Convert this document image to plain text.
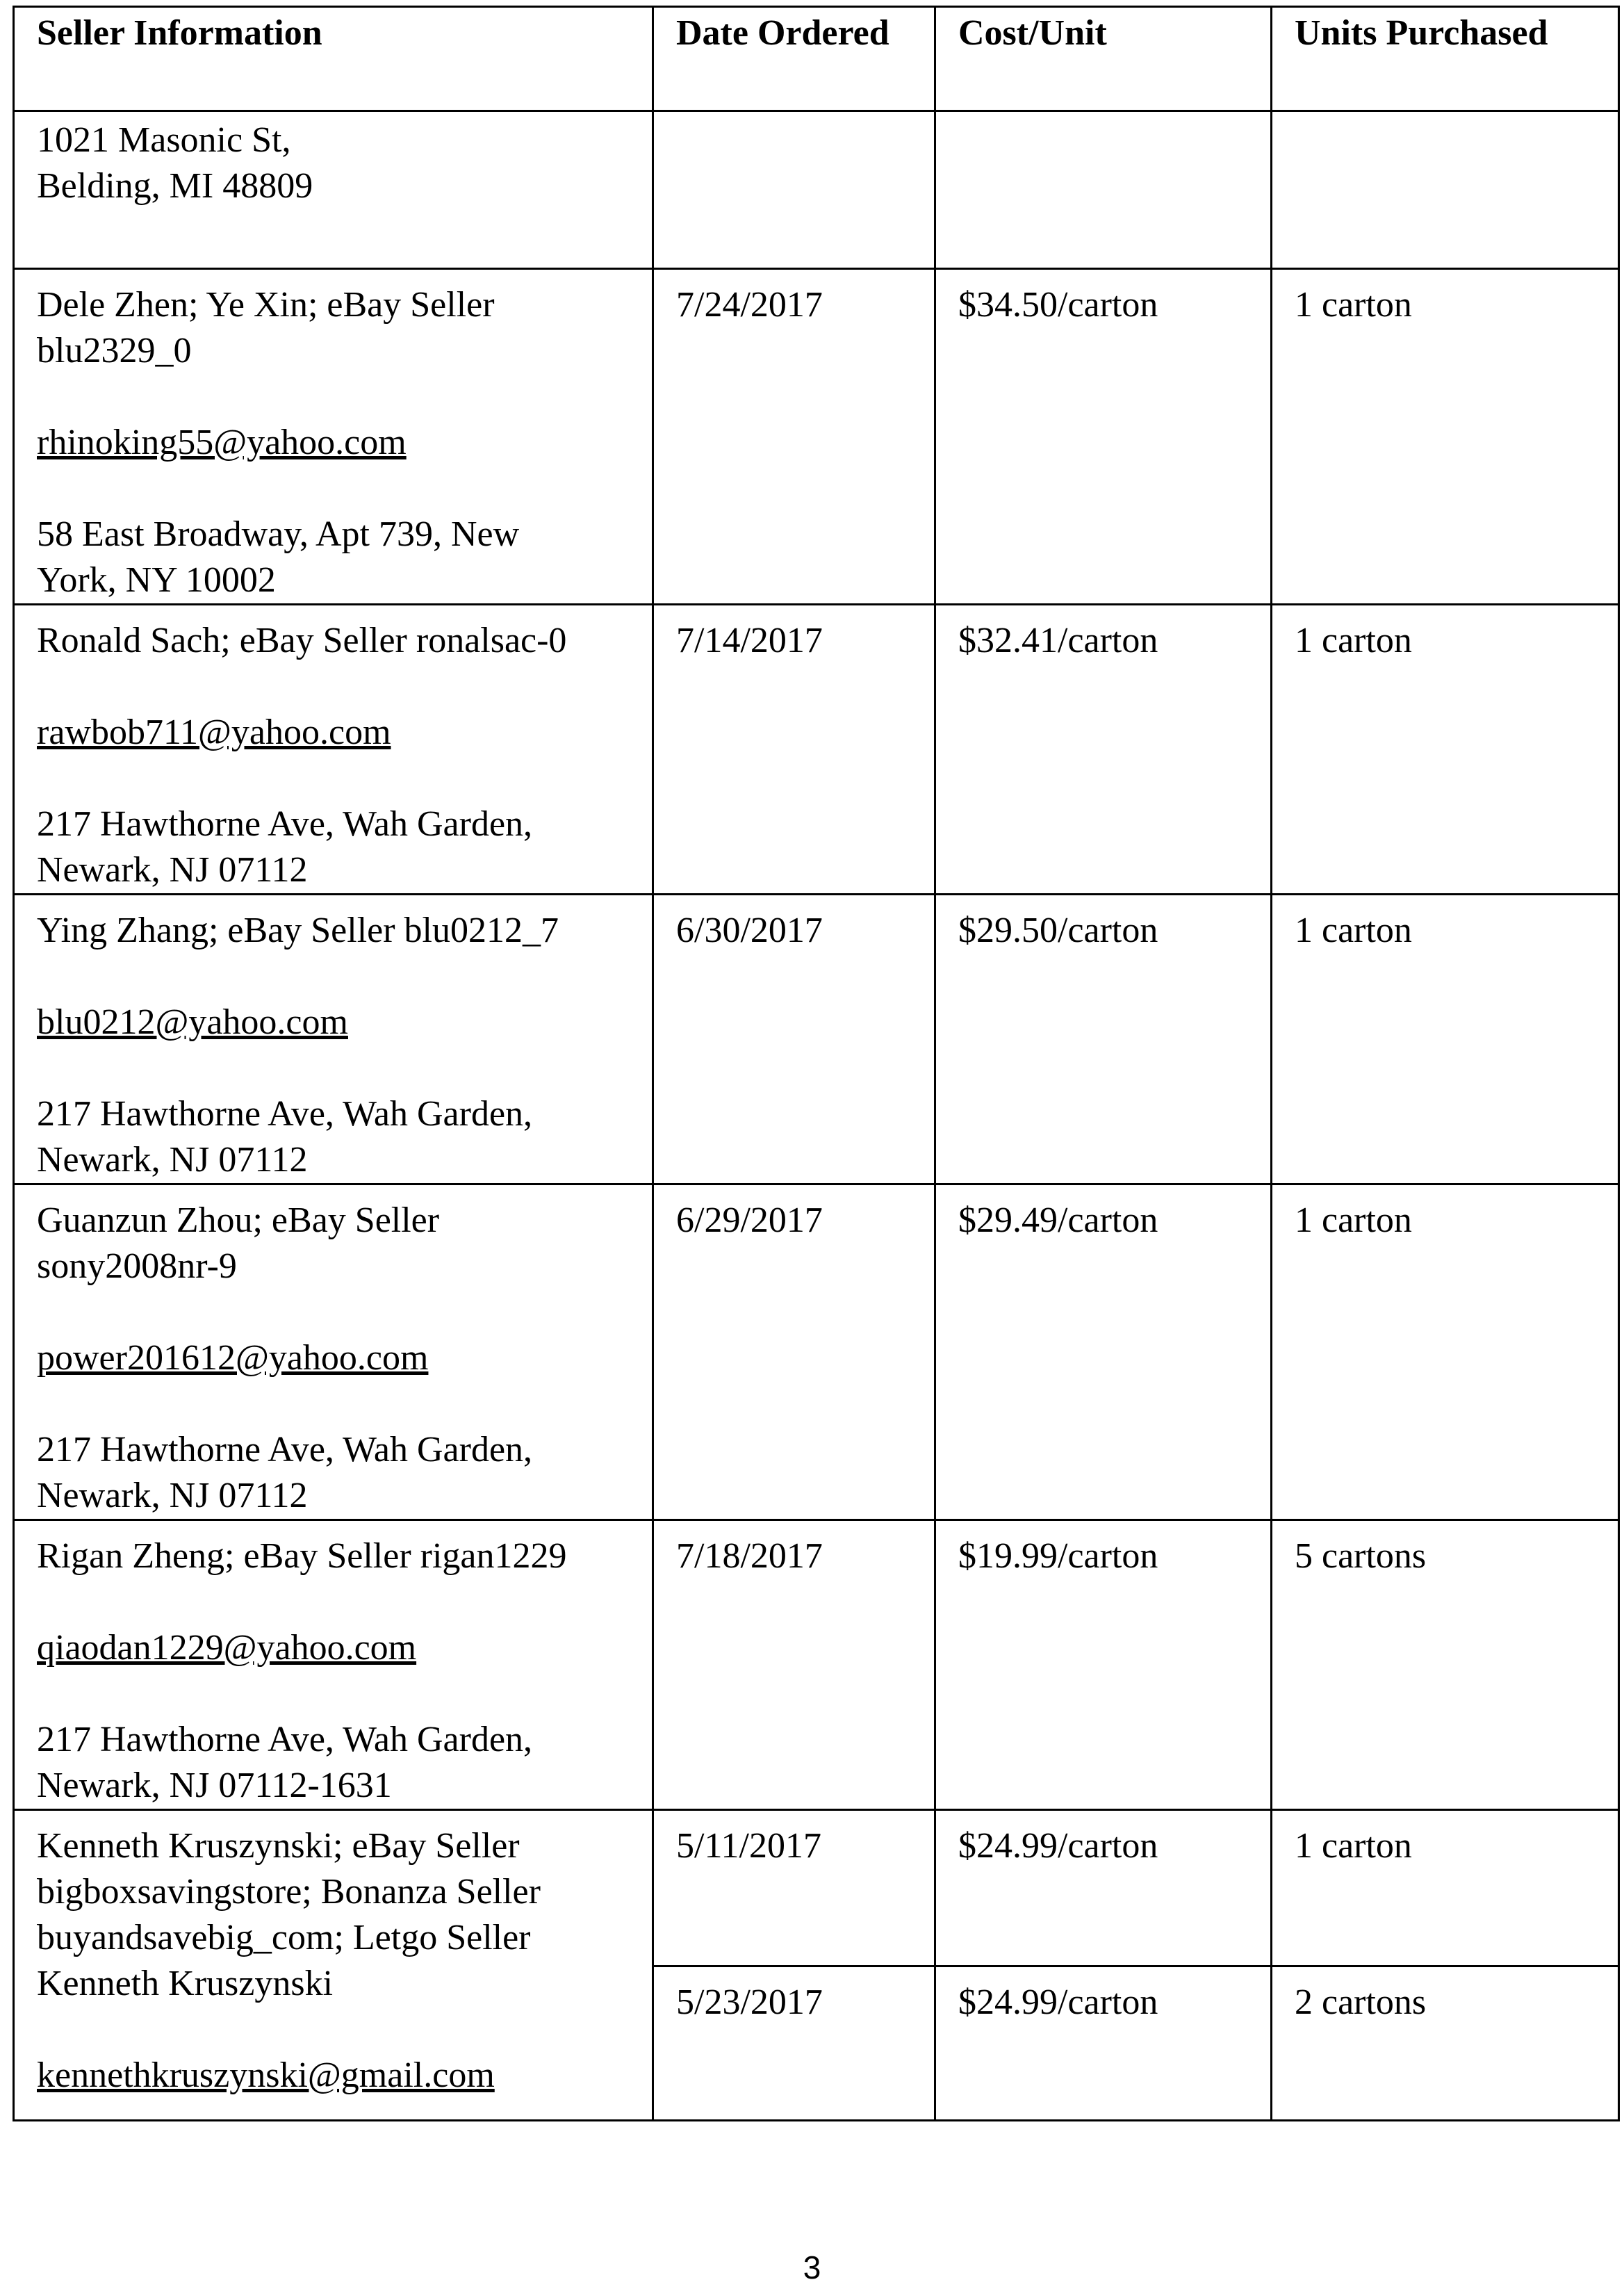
Seller Information	Date Ordered	Cost/Unit	Units Purchased

1021 Masonic St,
Belding, MI 48809			

Dele Zhen; Ye Xin; eBay Seller
blu2329_0
rhinoking55@yahoo.com
58 East Broadway, Apt 739, New
York, NY 10002	7/24/2017	$34.50/carton	1 carton

Ronald Sach; eBay Seller ronalsac-0
rawbob711@yahoo.com
217 Hawthorne Ave, Wah Garden,
Newark, NJ 07112	7/14/2017	$32.41/carton	1 carton

Ying Zhang; eBay Seller blu0212_7
blu0212@yahoo.com
217 Hawthorne Ave, Wah Garden,
Newark, NJ 07112	6/30/2017	$29.50/carton	1 carton

Guanzun Zhou; eBay Seller
sony2008nr-9
power201612@yahoo.com
217 Hawthorne Ave, Wah Garden,
Newark, NJ 07112	6/29/2017	$29.49/carton	1 carton

Rigan Zheng; eBay Seller rigan1229
qiaodan1229@yahoo.com
217 Hawthorne Ave, Wah Garden,
Newark, NJ 07112-1631	7/18/2017	$19.99/carton	5 cartons

Kenneth Kruszynski; eBay Seller
bigboxsavingstore; Bonanza Seller
buyandsavebig_com; Letgo Seller
Kenneth Kruszynski
kennethkruszynski@gmail.com	5/11/2017	$24.99/carton	1 carton
	5/23/2017	$24.99/carton	2 cartons
3
